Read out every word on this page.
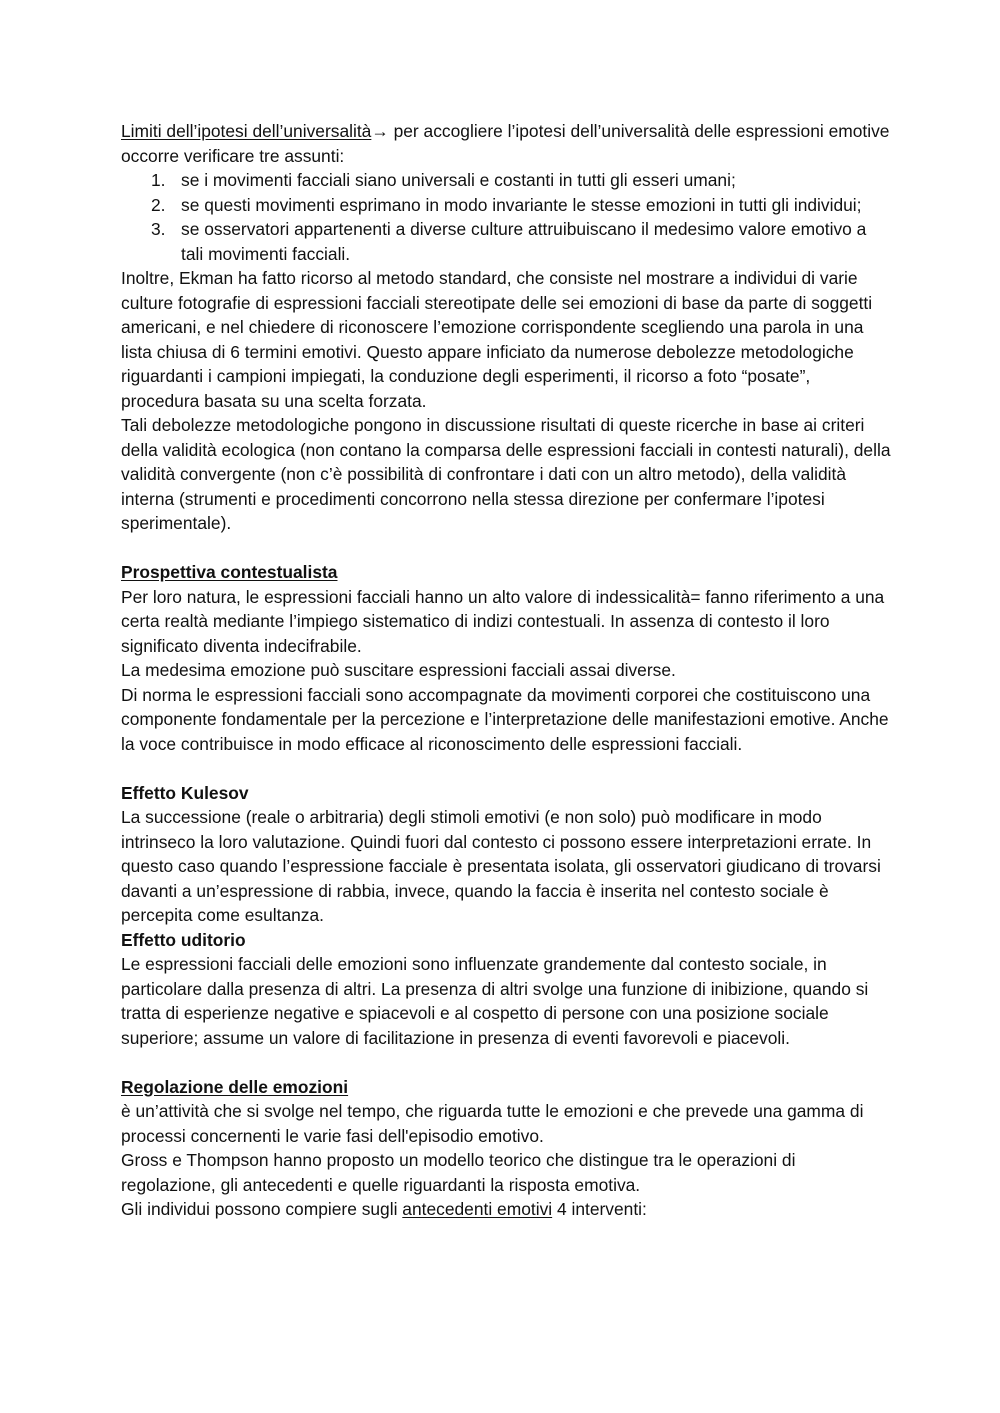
Limiti dell’ipotesi dell’universalità→ per accogliere l’ipotesi dell’universalità delle espressioni emotive occorre verificare tre assunti:

1. se i movimenti facciali siano universali e costanti in tutti gli esseri umani;
2. se questi movimenti esprimano in modo invariante le stesse emozioni in tutti gli individui;
3. se osservatori appartenenti a diverse culture attruibuiscano il medesimo valore emotivo a tali movimenti facciali.

Inoltre, Ekman ha fatto ricorso al metodo standard, che consiste nel mostrare a individui di varie culture fotografie di espressioni facciali stereotipate delle sei emozioni di base da parte di soggetti americani, e nel chiedere di riconoscere l’emozione corrispondente scegliendo una parola in una lista chiusa di 6 termini emotivi. Questo appare inficiato da numerose debolezze metodologiche riguardanti i campioni impiegati, la conduzione degli esperimenti, il ricorso a foto “posate”, procedura basata su una scelta forzata.

Tali debolezze metodologiche pongono in discussione risultati di queste ricerche in base ai criteri della validità ecologica (non contano la comparsa delle espressioni facciali in contesti naturali), della validità convergente (non c’è possibilità di confrontare i dati con un altro metodo), della validità interna (strumenti e procedimenti concorrono nella stessa direzione per confermare l’ipotesi sperimentale).

Prospettiva contestualista

Per loro natura, le espressioni facciali hanno un alto valore di indessicalità= fanno riferimento a una certa realtà mediante l’impiego sistematico di indizi contestuali. In assenza di contesto il loro significato diventa indecifrabile.

La medesima emozione può suscitare espressioni facciali assai diverse.

Di norma le espressioni facciali sono accompagnate da movimenti corporei che costituiscono una componente fondamentale per la percezione e l’interpretazione delle manifestazioni emotive. Anche la voce contribuisce in modo efficace al riconoscimento delle espressioni facciali.

Effetto Kulesov

La successione (reale o arbitraria) degli stimoli emotivi (e non solo) può modificare in modo intrinseco la loro valutazione. Quindi fuori dal contesto ci possono essere interpretazioni errate. In questo caso quando l’espressione facciale è presentata isolata, gli osservatori giudicano di trovarsi davanti a un’espressione di rabbia, invece, quando la faccia è inserita nel contesto sociale è percepita come esultanza.

Effetto uditorio

Le espressioni facciali delle emozioni sono influenzate grandemente dal contesto sociale, in particolare dalla presenza di altri. La presenza di altri svolge una funzione di inibizione, quando si tratta di esperienze negative e spiacevoli e al cospetto di persone con una posizione sociale superiore; assume un valore di facilitazione in presenza di eventi favorevoli e piacevoli.

Regolazione delle emozioni

è un’attività che si svolge nel tempo, che riguarda tutte le emozioni e che prevede una gamma di processi concernenti le varie fasi dell'episodio emotivo.

Gross e Thompson hanno proposto un modello teorico che distingue tra le operazioni di regolazione, gli antecedenti e quelle riguardanti la risposta emotiva.

Gli individui possono compiere sugli antecedenti emotivi 4 interventi:
